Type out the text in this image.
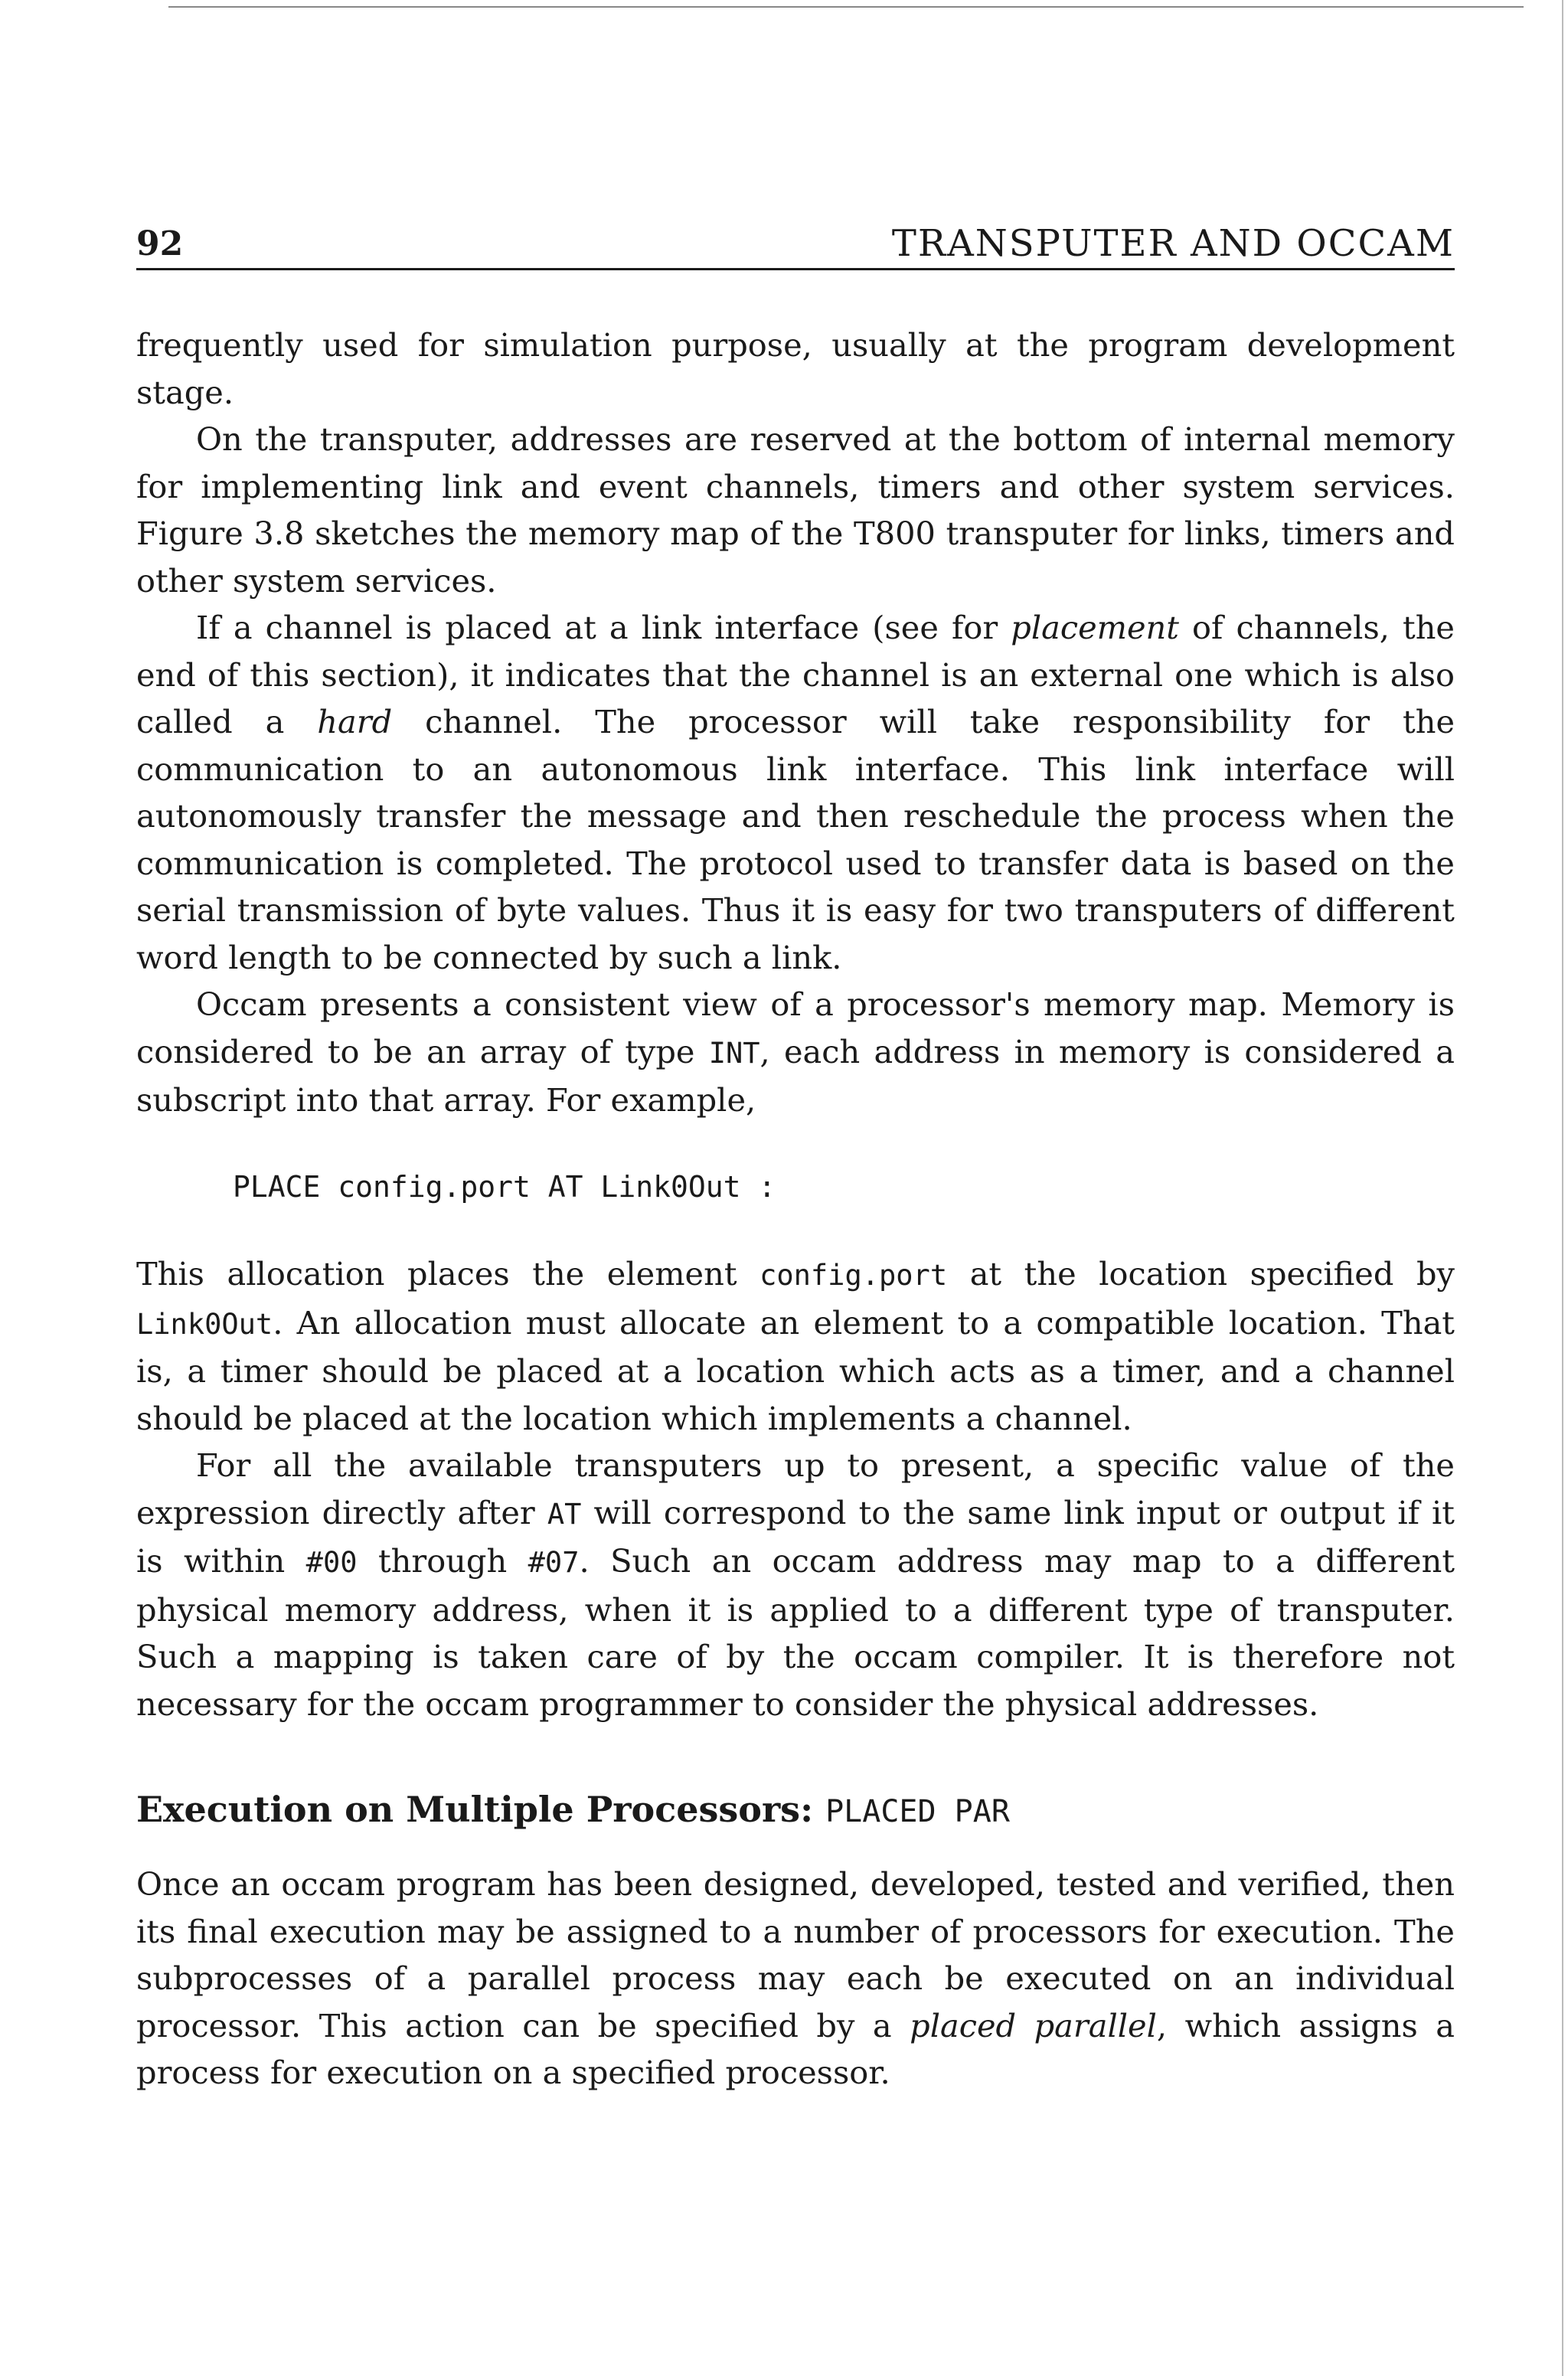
92	TRANSPUTER AND OCCAM

frequently used for simulation purpose, usually at the program development stage.

On the transputer, addresses are reserved at the bottom of internal memory for implementing link and event channels, timers and other system services. Figure 3.8 sketches the memory map of the T800 transputer for links, timers and other system services.

If a channel is placed at a link interface (see for placement of channels, the end of this section), it indicates that the channel is an external one which is also called a hard channel. The processor will take responsibility for the communication to an autonomous link interface. This link interface will autonomously transfer the message and then reschedule the process when the communication is completed. The protocol used to transfer data is based on the serial transmission of byte values. Thus it is easy for two transputers of different word length to be connected by such a link.

Occam presents a consistent view of a processor's memory map. Memory is considered to be an array of type INT, each address in memory is considered a subscript into that array. For example,

PLACE config.port AT Link0Out :

This allocation places the element config.port at the location specified by Link0Out. An allocation must allocate an element to a compatible location. That is, a timer should be placed at a location which acts as a timer, and a channel should be placed at the location which implements a channel.

For all the available transputers up to present, a specific value of the expression directly after AT will correspond to the same link input or output if it is within #00 through #07. Such an occam address may map to a different physical memory address, when it is applied to a different type of transputer. Such a mapping is taken care of by the occam compiler. It is therefore not necessary for the occam programmer to consider the physical addresses.

Execution on Multiple Processors: PLACED PAR

Once an occam program has been designed, developed, tested and verified, then its final execution may be assigned to a number of processors for execution. The subprocesses of a parallel process may each be executed on an individual processor. This action can be specified by a placed parallel, which assigns a process for execution on a specified processor.
